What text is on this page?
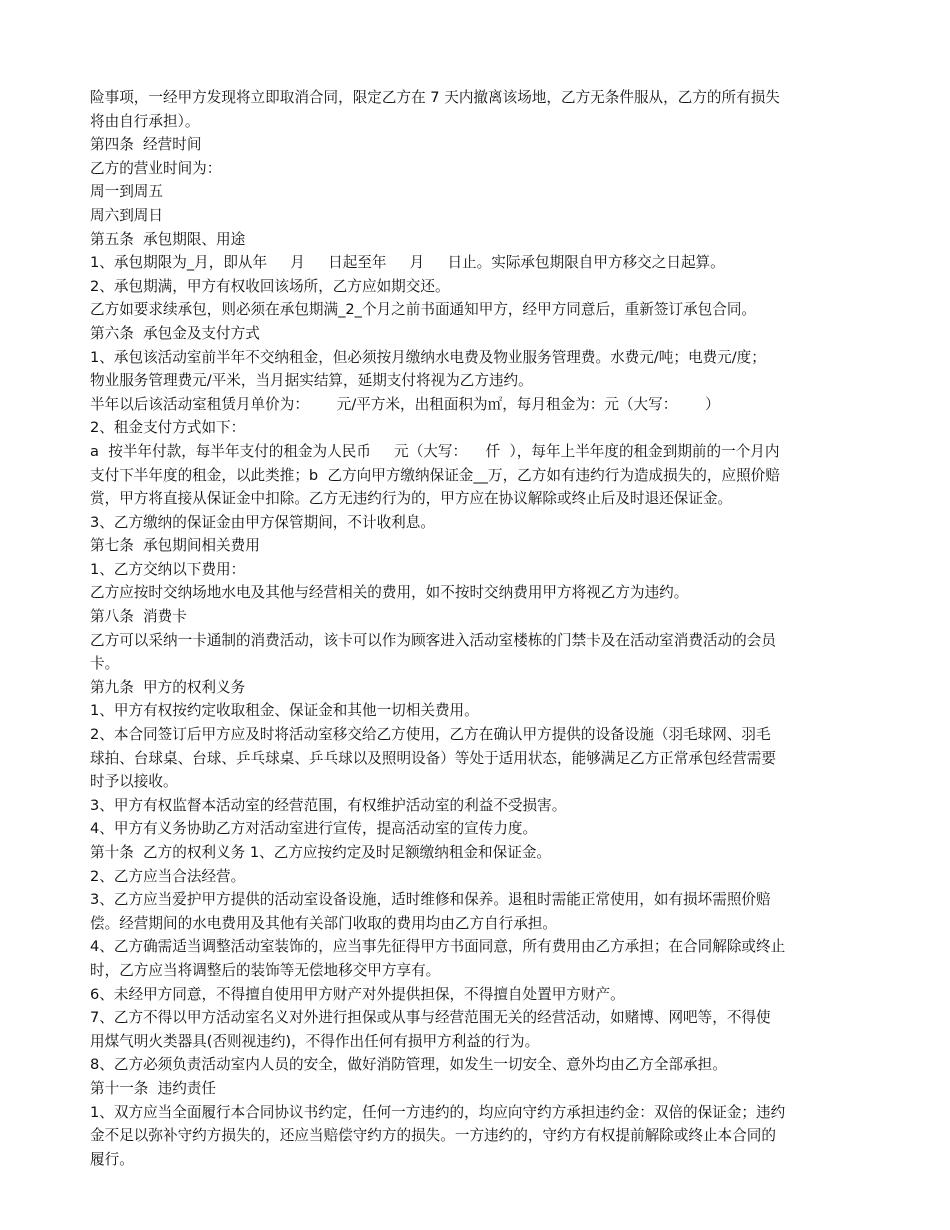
险事项，一经甲方发现将立即取消合同，限定乙方在 7 天内撤离该场地，乙方无条件服从，乙方的所有损失

将由自行承担）。

第四条  经营时间

乙方的营业时间为：

周一到周五

周六到周日

第五条  承包期限、用途

1、承包期限为_月，即从年     月     日起至年     月     日止。实际承包期限自甲方移交之日起算。

2、承包期满，甲方有权收回该场所，乙方应如期交还。

乙方如要求续承包，则必须在承包期满_2_个月之前书面通知甲方，经甲方同意后，重新签订承包合同。

第六条  承包金及支付方式

1、承包该活动室前半年不交纳租金，但必须按月缴纳水电费及物业服务管理费。水费元/吨；电费元/度；

物业服务管理费元/平米，当月据实结算，延期支付将视为乙方违约。

半年以后该活动室租赁月单价为：      元/平方米，出租面积为㎡，每月租金为：元（大写：      ）

2、租金支付方式如下：

a  按半年付款，每半年支付的租金为人民币     元（大写：    仟  ），每年上半年度的租金到期前的一个月内

支付下半年度的租金，以此类推；b  乙方向甲方缴纳保证金__万，乙方如有违约行为造成损失的，应照价赔

赏，甲方将直接从保证金中扣除。乙方无违约行为的，甲方应在协议解除或终止后及时退还保证金。

3、乙方缴纳的保证金由甲方保管期间，不计收利息。

第七条  承包期间相关费用

1、乙方交纳以下费用：

乙方应按时交纳场地水电及其他与经营相关的费用，如不按时交纳费用甲方将视乙方为违约。

第八条  消费卡

乙方可以采纳一卡通制的消费活动，该卡可以作为顾客进入活动室楼栋的门禁卡及在活动室消费活动的会员

卡。

第九条  甲方的权利义务

1、甲方有权按约定收取租金、保证金和其他一切相关费用。

2、本合同签订后甲方应及时将活动室移交给乙方使用，乙方在确认甲方提供的设备设施（羽毛球网、羽毛

球拍、台球桌、台球、乒乓球桌、乒乓球以及照明设备）等处于适用状态，能够满足乙方正常承包经营需要

时予以接收。

3、甲方有权监督本活动室的经营范围，有权维护活动室的利益不受损害。

4、甲方有义务协助乙方对活动室进行宣传，提高活动室的宣传力度。

第十条  乙方的权利义务 1、乙方应按约定及时足额缴纳租金和保证金。

2、乙方应当合法经营。

3、乙方应当爱护甲方提供的活动室设备设施，适时维修和保养。退租时需能正常使用，如有损坏需照价赔

偿。经营期间的水电费用及其他有关部门收取的费用均由乙方自行承担。

4、乙方确需适当调整活动室装饰的，应当事先征得甲方书面同意，所有费用由乙方承担；在合同解除或终止

时，乙方应当将调整后的装饰等无偿地移交甲方享有。

6、未经甲方同意，不得擅自使用甲方财产对外提供担保，不得擅自处置甲方财产。

7、乙方不得以甲方活动室名义对外进行担保或从事与经营范围无关的经营活动，如赌博、网吧等，不得使

用煤气明火类器具(否则视违约)，不得作出任何有损甲方利益的行为。

8、乙方必须负责活动室内人员的安全，做好消防管理，如发生一切安全、意外均由乙方全部承担。

第十一条  违约责任

1、双方应当全面履行本合同协议书约定，任何一方违约的，均应向守约方承担违约金：双倍的保证金；违约

金不足以弥补守约方损失的，还应当赔偿守约方的损失。一方违约的，守约方有权提前解除或终止本合同的

履行。
